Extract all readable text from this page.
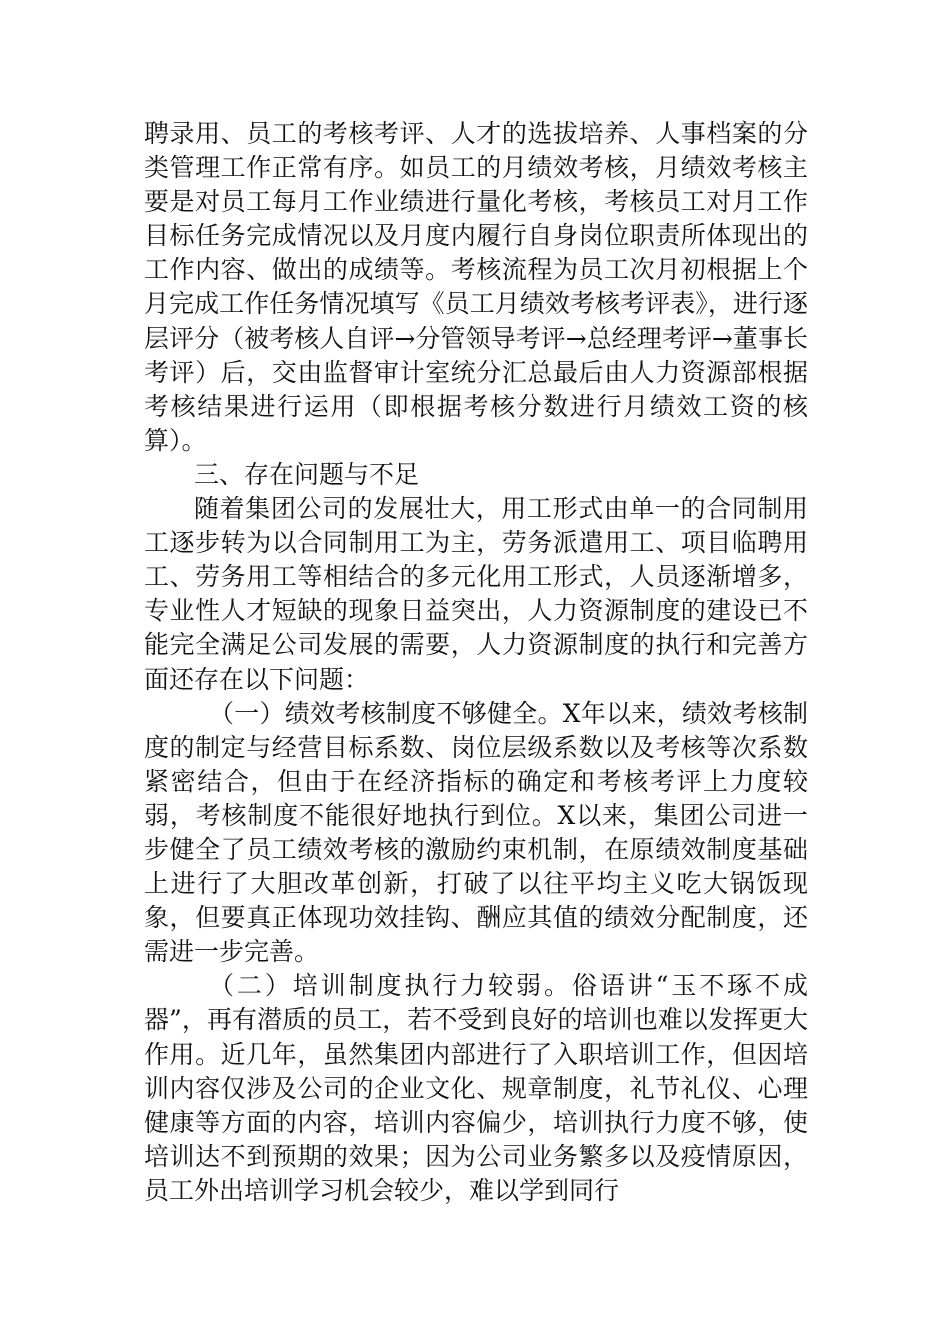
聘录用、员工的考核考评、人才的选拔培养、人事档案的分类管理工作正常有序。如员工的月绩效考核，月绩效考核主要是对员工每月工作业绩进行量化考核，考核员工对月工作目标任务完成情况以及月度内履行自身岗位职责所体现出的工作内容、做出的成绩等。考核流程为员工次月初根据上个月完成工作任务情况填写《员工月绩效考核考评表》，进行逐层评分（被考核人自评→分管领导考评→总经理考评→董事长考评）后，交由监督审计室统分汇总最后由人力资源部根据考核结果进行运用（即根据考核分数进行月绩效工资的核算）。

三、存在问题与不足

随着集团公司的发展壮大，用工形式由单一的合同制用工逐步转为以合同制用工为主，劳务派遣用工、项目临聘用工、劳务用工等相结合的多元化用工形式，人员逐渐增多，专业性人才短缺的现象日益突出，人力资源制度的建设已不能完全满足公司发展的需要，人力资源制度的执行和完善方面还存在以下问题：

（一）绩效考核制度不够健全。X年以来，绩效考核制度的制定与经营目标系数、岗位层级系数以及考核等次系数紧密结合，但由于在经济指标的确定和考核考评上力度较弱，考核制度不能很好地执行到位。X以来，集团公司进一步健全了员工绩效考核的激励约束机制，在原绩效制度基础上进行了大胆改革创新，打破了以往平均主义吃大锅饭现象，但要真正体现功效挂钩、酬应其值的绩效分配制度，还需进一步完善。

（二）培训制度执行力较弱。俗语讲“玉不琢不成器”，再有潜质的员工，若不受到良好的培训也难以发挥更大作用。近几年，虽然集团内部进行了入职培训工作，但因培训内容仅涉及公司的企业文化、规章制度，礼节礼仪、心理健康等方面的内容，培训内容偏少，培训执行力度不够，使培训达不到预期的效果；因为公司业务繁多以及疫情原因，员工外出培训学习机会较少，难以学到同行
